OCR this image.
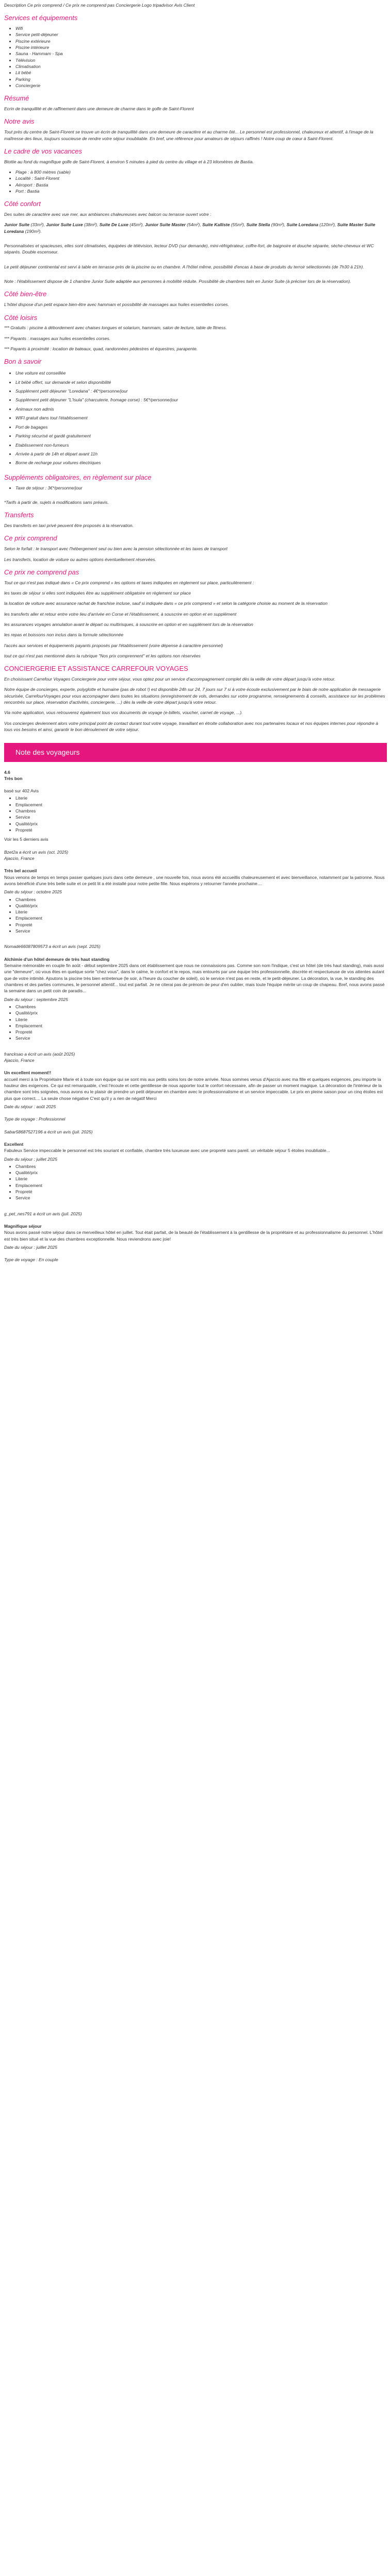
Description Ce prix comprend / Ce prix ne comprend pas Conciergerie Logo tripadvisor Avis Client
Services et équipements
• Wifi
• Service petit-déjeuner
• Piscine extérieure
• Piscine intérieure
• Sauna - Hammam - Spa
• Télévision
• Climatisation
• Lit bébé
• Parking
• Conciergerie
Résumé

Ecrin de tranquillité et de raffinement dans une demeure de charme dans le golfe de Saint-Florent

Notre avis

Tout près du centre de Saint-Florent se trouve un écrin de tranquillité dans une demeure de caractère et au charme ôté... Le personnel est professionnel, chaleureux et attentif, à l'image de la maîtresse des lieux, toujours soucieuse de rendre votre séjour inoubliable. En bref, une référence pour amateurs de séjours raffinés ! Notre coup de cœur à Saint-Florent.

Le cadre de vos vacances

Blottie au fond du magnifique golfe de Saint-Florent, à environ 5 minutes à pied du centre du village et à 23 kilomètres de Bastia.

• Plage : à 800 mètres (sable)
• Localité : Saint-Florent
• Aéroport : Bastia
• Port : Bastia
Côté confort

Des suites de caractère avec vue mer, aux ambiances chaleureuses avec balcon ou terrasse ouvert votre :

Junior Suite (33m²), Junior Suite Luxe (38m²), Suite De Luxe (45m²), Junior Suite Master (54m²), Suite Kalliste (55m²), Suite Stella (90m²), Suite Loredana (120m²), Suite Master Suite Loredana (190m²).

Personnalisées et spacieuses, elles sont climatisées, équipées de télévision, lecteur DVD (sur demande), mini-réfrigérateur, coffre-fort, de baignoire et douche séparée, sèche-cheveux et WC séparés. Double escenseur.

Le petit déjeuner continental est servi à table en terrasse près de la piscine ou en chambre. A l'hôtel même, possibilité d'encas à base de produits du terroir sélectionnés (de 7h30 à 21h).

Note : l'établissement dispose de 1 chambre Junior Suite adaptée aux personnes à mobilité réduite. Possibilité de chambres twin en Junior Suite (à préciser lors de la réservation).

Côté bien-être

L'hôtel dispose d'un petit espace bien-être avec hammam et possibilité de massages aux huiles essentielles corses.

Côté loisirs

*** Gratuits : piscine à débordement avec chaises longues et solarium, hammam, salon de lecture, table de fitness.

*** Payants : massages aux huiles essentielles corses.

*** Payants à proximité : location de bateaux, quad, randonnées pédestres et équestres, parapente.

Bon à savoir
• Une voiture est conseillée
• Lit bébé offert, sur demande et selon disponibilité
• Supplément petit déjeuner "Loredana" : 4€*/personne/jour
• Supplément petit déjeuner "L'Isula" (charcuterie, fromage corse) : 5€*/personne/jour
• Animaux non admis
• WIFI gratuit dans tout l'établissement
• Port de bagages
• Parking sécurisé et gardé gratuitement
• Etablissement non-fumeurs
• Arrivée à partir de 14h et départ avant 11h
• Borne de recharge pour voitures électriques
Suppléments obligatoires, en règlement sur place
• Taxe de séjour : 3€*/personne/jour

*Tarifs à partir de, sujets à modifications sans préavis.

Transferts

Des transferts en taxi privé peuvent être proposés à la réservation.

Ce prix comprend

Selon le forfait : le transport avec l'hébergement seul ou bien avec la pension sélectionnée et les taxes de transport

Les transferts, location de voiture ou autres options éventuellement réservées.

Ce prix ne comprend pas

Tout ce qui n'est pas indiqué dans « Ce prix comprend » les options et taxes indiquées en règlement sur place, particulièrement :

les taxes de séjour si elles sont indiquées être au supplément obligatoire en règlement sur place

la location de voiture avec assurance rachat de franchise incluse, sauf si indiquée dans « ce prix comprend » et selon la catégorie choisie au moment de la réservation

les transferts aller et retour entre votre lieu d'arrivée en Corse et l'établissement, à souscrire en option et en supplément

les assurances voyages annulation avant le départ ou multirisques, à souscrire en option et en supplément lors de la réservation

les repas et boissons non inclus dans la formule sélectionnée

l'accès aux services et équipements payants proposés par l'établissement (voire dépense à caractère personnel)

tout ce qui n'est pas mentionné dans la rubrique "Nos prix comprennent" et les options non réservées

CONCIERGERIE ET ASSISTANCE CARREFOUR VOYAGES

En choisissant Carrefour Voyages Conciergerie pour votre séjour, vous optez pour un service d'accompagnement complet dès la veille de votre départ jusqu'à votre retour.

Notre équipe de concierges, experte, polyglotte et humaine (pas de robot !) est disponible 24h sur 24, 7 jours sur 7 si à votre écoute exclusivement par le biais de notre application de messagerie sécurisée, CarrefourVoyages pour vous accompagner dans toutes les situations (enregistrement de vols, demandes sur votre programme, renseignements & conseils, assistance sur les problèmes rencontrés sur place, réservation d'activités, conciergerie, ...) dès la veille de votre départ jusqu'à votre retour.

Via notre application, vous retrouverez également tous vos documents de voyage (e-billets, voucher, carnet de voyage, ...).

Vos concierges deviennent alors votre principal point de contact durant tout votre voyage, travaillant en étroite collaboration avec nos partenaires locaux et nos équipes internes pour répondre à tous vos besoins et ainsi, garantir le bon déroulement de votre séjour.

Note des voyageurs
4.6
Très bon
basé sur 402 Avis
• Literie
• Emplacement
• Chambres
• Service
• Qualité/prix
• Propreté
Voir les 5 derniers avis
Bzet2a a écrit un avis (oct. 2025)
Ajaccio, France
Très bel accueil

Nous venons de temps en temps passer quelques jours dans cette demeure , une nouvelle fois, nous avons été accueillis chaleureusement et avec bienveillance, notamment par la patronne. Nous avons bénéficié d'une très belle suite et ce petit lit a été installé pour notre petite fille. Nous espérons y retourner l'année prochaine....

Date du séjour : octobre 2025
• Chambres
• Qualité/prix
• Literie
• Emplacement
• Propreté
• Service
Nomadé66087809573 a écrit un avis (sept. 2025)
Alchimie d'un hôtel demeure de très haut standing

Semaine mémorable en couple fin août - début septembre 2025 dans cet établissement que nous ne connaissions pas. Comme son nom l'indique, c'est un hôtel (de très haut standing), mais aussi une "demeure", où vous êtes en quelque sorte "chez vous", dans le calme, le confort et le repos, mais entourés par une équipe très professionnelle, discrète et respectueuse de vos attentes autant que de votre intimité. Ajoutons la piscine très bien entretenue (le soir, à l'heure du coucher de soleil), où le service n'est pas en reste, et le petit-déjeuner. La décoration, la vue, le standing des chambres et des parties communes, le personnel attentif... tout est parfait. Je ne citerai pas de prénom de peur d'en oublier, mais toute l'équipe mérite un coup de chapeau. Bref, nous avons passé la semaine dans un petit coin de paradis...

Date du séjour : septembre 2025
• Chambres
• Qualité/prix
• Literie
• Emplacement
• Propreté
• Service
francksao a écrit un avis (août 2025)
Ajaccio, France
Un excellent moment!!

accueil merci à la Propriétaire Marie et à toute son équipe qui se sont mis aux petits soins lors de notre arrivée. Nous sommes venus d'Ajaccio avec ma fille et quelques exigences, peu importe la hauteur des exigences. Ce qui est remarquable, c'est l'écoute et cette gentillesse de nous apporter tout le confort nécessaire, afin de passer un moment magique. La décoration de l'intérieur de la chambre sont très soignées, nous avons eu le plaisir de prendre un petit déjeuner en chambre avec le professionnalisme et un service impeccable. Le prix en pleine saison pour un cinq étoiles est plus que correct.... La seule chose négative C'est qu'il y a rien de négatif Merci

Date du séjour : août 2025
Type de voyage : Professionnel
Sabar58687527196 a écrit un avis (juil. 2025)
Excellent

Fabuleux Service impeccable le personnel est très souriant et confiable, chambre très luxueuse avec une propreté sans pareil. un véritable séjour 5 étoiles inoubliable...

Date du séjour : juillet 2025
• Chambres
• Qualité/prix
• Literie
• Emplacement
• Propreté
• Service
g_pet_nes791 a écrit un avis (juil. 2025)
Magnifique séjour

Nous avons passé notre séjour dans ce merveilleux hôtel en juillet. Tout était parfait, de la beauté de l'établissement à la gentillesse de la propriétaire et au professionnalisme du personnel. L'hôtel est très bien situé et la vue des chambres exceptionnelle. Nous reviendrons avec joie!

Date du séjour : juillet 2025
Type de voyage : En couple
